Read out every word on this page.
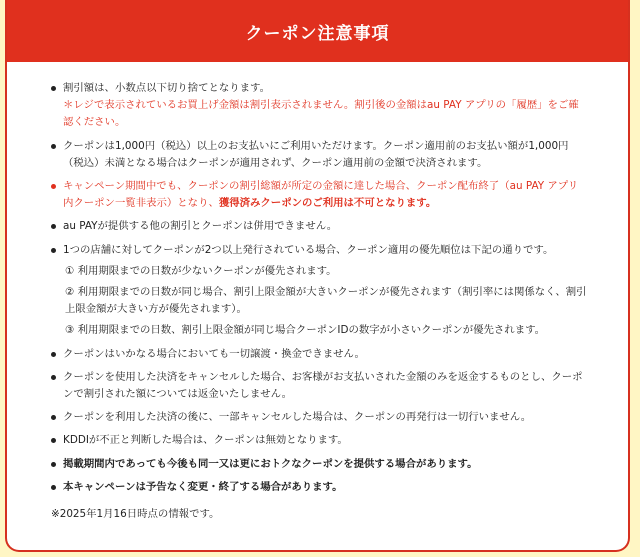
クーポン注意事項
割引額は、小数点以下切り捨てとなります。
＊レジで表示されているお買上げ金額は割引表示されません。割引後の金額はau PAY アプリの「履歴」をご確認ください。
クーポンは1,000円（税込）以上のお支払いにご利用いただけます。クーポン適用前のお支払い額が1,000円（税込）未満となる場合はクーポンが適用されず、クーポン適用前の金額で決済されます。
キャンペーン期間中でも、クーポンの割引総額が所定の金額に達した場合、クーポン配布終了（au PAY アプリ内クーポン一覧非表示）となり、獲得済みクーポンのご利用は不可となります。
au PAYが提供する他の割引とクーポンは併用できません。
1つの店舗に対してクーポンが2つ以上発行されている場合、クーポン適用の優先順位は下記の通りです。
① 利用期限までの日数が少ないクーポンが優先されます。
② 利用期限までの日数が同じ場合、割引上限金額が大きいクーポンが優先されます（割引率には関係なく、割引上限金額が大きい方が優先されます）。
③ 利用期限までの日数、割引上限金額が同じ場合クーポンIDの数字が小さいクーポンが優先されます。
クーポンはいかなる場合においても一切譲渡・換金できません。
クーポンを使用した決済をキャンセルした場合、お客様がお支払いされた金額のみを返金するものとし、クーポンで割引された額については返金いたしません。
クーポンを利用した決済の後に、一部キャンセルした場合は、クーポンの再発行は一切行いません。
KDDIが不正と判断した場合は、クーポンは無効となります。
掲載期間内であっても今後も同一又は更におトクなクーポンを提供する場合があります。
本キャンペーンは予告なく変更・終了する場合があります。
※2025年1月16日時点の情報です。
